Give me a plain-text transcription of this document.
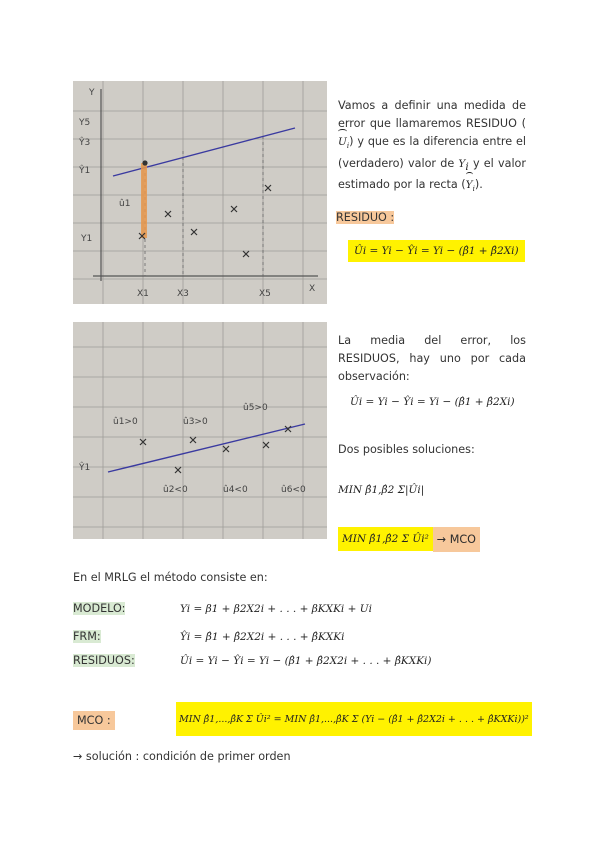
Y
Y5
Ŷ3
Ŷ1
û1
Y1
X1	X3	X5	X
Vamos a definir una medida de error que llamaremos RESIDUO $(U_i)$ y que es la diferencia entre el (verdadero) valor de $Y_i$ y el valor estimado por la recta $(Y_i)$.
RESIDUO :
Ûi = Yi − Ŷi = Yi − (β̂1 + β̂2Xi)
û1>0	û3>0
û5>0
Ŷ1
û2<0	û4<0	û6<0
La media del error, los RESIDUOS, hay uno por cada observación:
Ûi = Yi − Ŷi = Yi − (β̂1 + β̂2Xi)
Dos posibles soluciones:
MIN β̂1,β̂2 Σ|Ûi|
MIN β̂1,β̂2 Σ Ûi² → MCO
En el MRLG el método consiste en:
MODELO:	Yi = β1 + β2X2i + . . . + βKXKi + Ui
FRM:	Ŷi = β̂1 + β̂2X2i + . . . + β̂KXKi
RESIDUOS:	Ûi = Yi − Ŷi = Yi − (β̂1 + β̂2X2i + . . . + β̂KXKi)
MCO :	MIN β̂1,...,β̂K Σ Ûi² = MIN β̂1,...,β̂K Σ (Yi − (β̂1 + β̂2X2i + . . . + β̂KXKi))²
→ solución : condición de primer orden
